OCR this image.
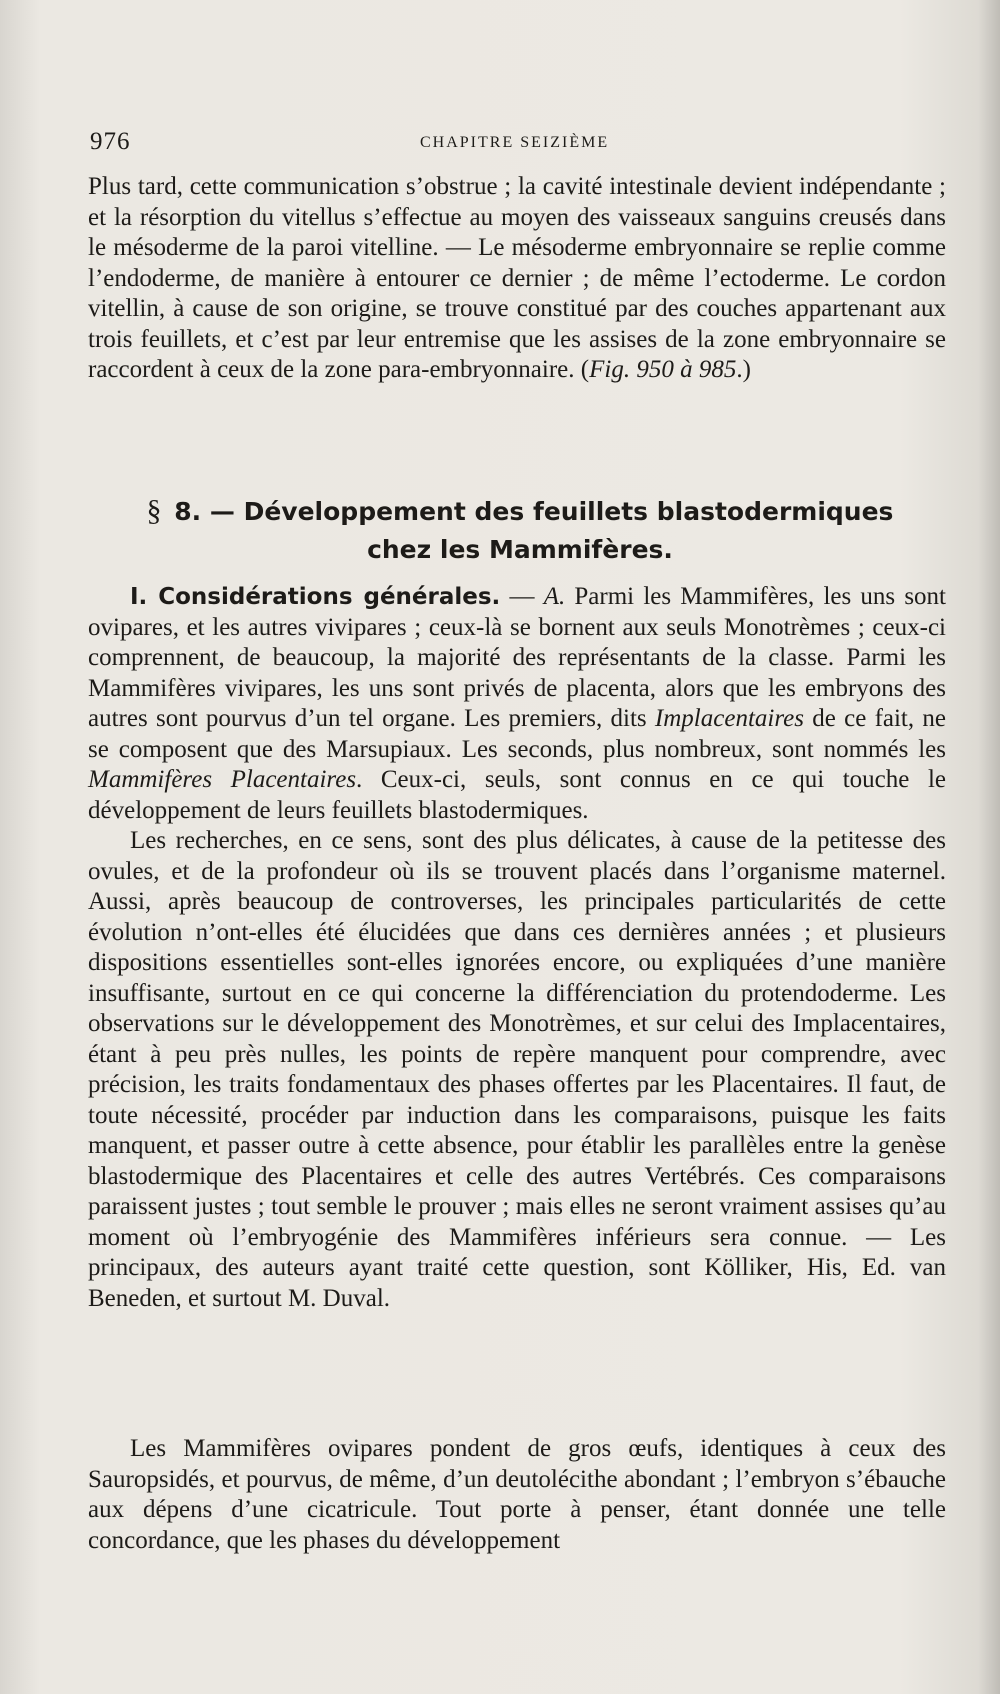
976	CHAPITRE SEIZIÈME

Plus tard, cette communication s’obstrue ; la cavité intestinale devient indépendante ; et la résorption du vitellus s’effectue au moyen des vaisseaux sanguins creusés dans le mésoderme de la paroi vitelline. — Le mésoderme embryonnaire se replie comme l’endoderme, de manière à entourer ce dernier ; de même l’ectoderme. Le cordon vitellin, à cause de son origine, se trouve constitué par des couches appartenant aux trois feuillets, et c’est par leur entremise que les assises de la zone embryonnaire se raccordent à ceux de la zone para-embryonnaire. (Fig. 950 à 985.)

§ 8. — Développement des feuillets blastodermiques
chez les Mammifères.

I. Considérations générales. — A. Parmi les Mammifères, les uns sont ovipares, et les autres vivipares ; ceux-là se bornent aux seuls Monotrèmes ; ceux-ci comprennent, de beaucoup, la majorité des représentants de la classe. Parmi les Mammifères vivipares, les uns sont privés de placenta, alors que les embryons des autres sont pourvus d’un tel organe. Les premiers, dits Implacentaires de ce fait, ne se composent que des Marsupiaux. Les seconds, plus nombreux, sont nommés les Mammifères Placentaires. Ceux-ci, seuls, sont connus en ce qui touche le développement de leurs feuillets blastodermiques.

Les recherches, en ce sens, sont des plus délicates, à cause de la petitesse des ovules, et de la profondeur où ils se trouvent placés dans l’organisme maternel. Aussi, après beaucoup de controverses, les principales particularités de cette évolution n’ont-elles été élucidées que dans ces dernières années ; et plusieurs dispositions essentielles sont-elles ignorées encore, ou expliquées d’une manière insuffisante, surtout en ce qui concerne la différenciation du protendoderme. Les observations sur le développement des Monotrèmes, et sur celui des Implacentaires, étant à peu près nulles, les points de repère manquent pour comprendre, avec précision, les traits fondamentaux des phases offertes par les Placentaires. Il faut, de toute nécessité, procéder par induction dans les comparaisons, puisque les faits manquent, et passer outre à cette absence, pour établir les parallèles entre la genèse blastodermique des Placentaires et celle des autres Vertébrés. Ces comparaisons paraissent justes ; tout semble le prouver ; mais elles ne seront vraiment assises qu’au moment où l’embryogénie des Mammifères inférieurs sera connue. — Les principaux, des auteurs ayant traité cette question, sont Kölliker, His, Ed. van Beneden, et surtout M. Duval.

Les Mammifères ovipares pondent de gros œufs, identiques à ceux des Sauropsidés, et pourvus, de même, d’un deutolécithe abondant ; l’embryon s’ébauche aux dépens d’une cicatricule. Tout porte à penser, étant donnée une telle concordance, que les phases du développement
